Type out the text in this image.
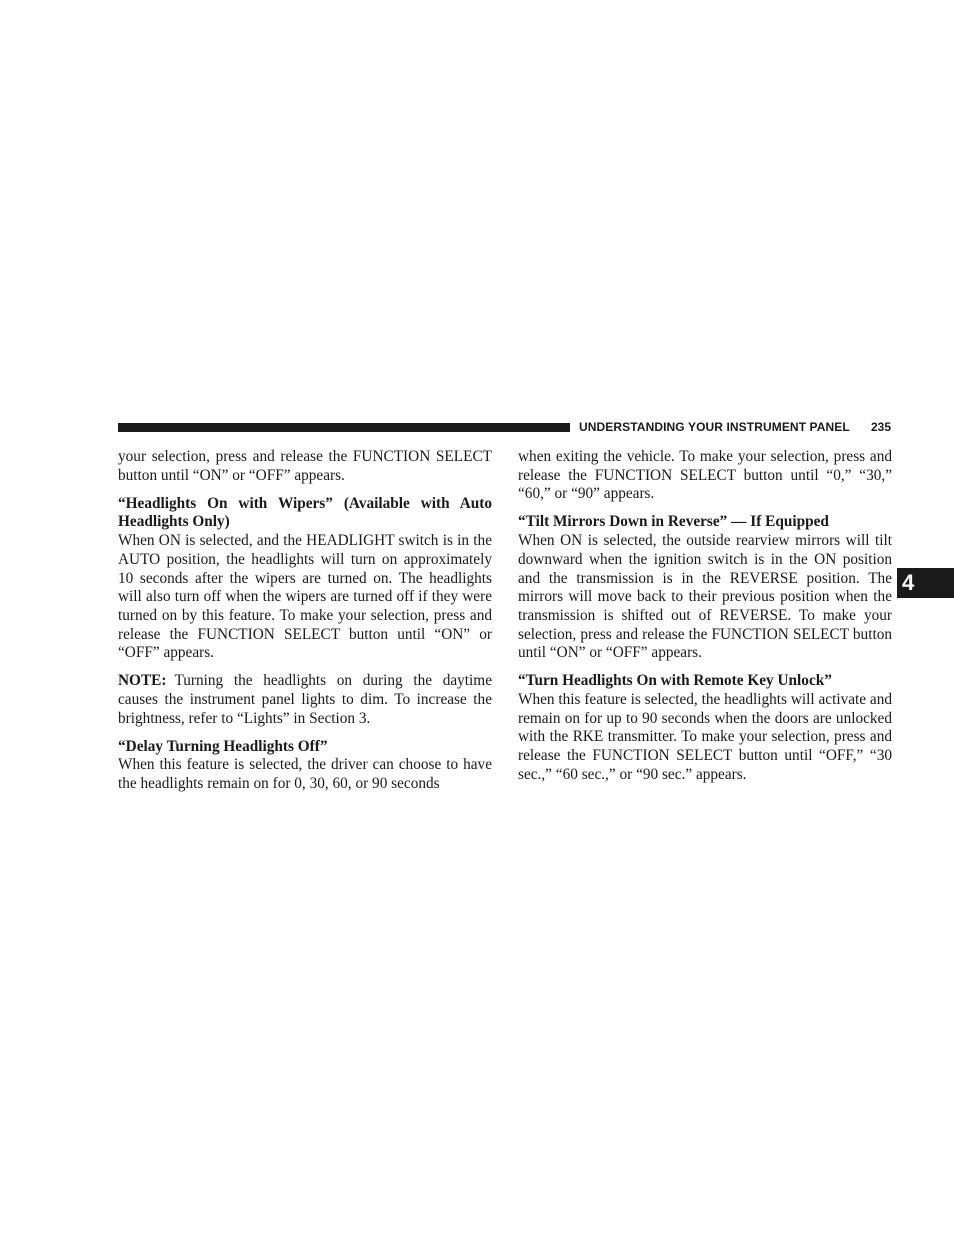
UNDERSTANDING YOUR INSTRUMENT PANEL 235
4

your selection, press and release the FUNCTION SELECT button until “ON” or “OFF” appears.

“Headlights On with Wipers” (Available with Auto Headlights Only)

When ON is selected, and the HEADLIGHT switch is in the AUTO position, the headlights will turn on approximately 10 seconds after the wipers are turned on. The headlights will also turn off when the wipers are turned off if they were turned on by this feature. To make your selection, press and release the FUNCTION SELECT button until “ON” or “OFF” appears.

NOTE: Turning the headlights on during the daytime causes the instrument panel lights to dim. To increase the brightness, refer to “Lights” in Section 3.

“Delay Turning Headlights Off”

When this feature is selected, the driver can choose to have the headlights remain on for 0, 30, 60, or 90 seconds

when exiting the vehicle. To make your selection, press and release the FUNCTION SELECT button until “0,” “30,” “60,” or “90” appears.

“Tilt Mirrors Down in Reverse” — If Equipped

When ON is selected, the outside rearview mirrors will tilt downward when the ignition switch is in the ON position and the transmission is in the REVERSE position. The mirrors will move back to their previous position when the transmission is shifted out of REVERSE. To make your selection, press and release the FUNCTION SELECT button until “ON” or “OFF” appears.

“Turn Headlights On with Remote Key Unlock”

When this feature is selected, the headlights will activate and remain on for up to 90 seconds when the doors are unlocked with the RKE transmitter. To make your selection, press and release the FUNCTION SELECT button until “OFF,” “30 sec.,” “60 sec.,” or “90 sec.” appears.
